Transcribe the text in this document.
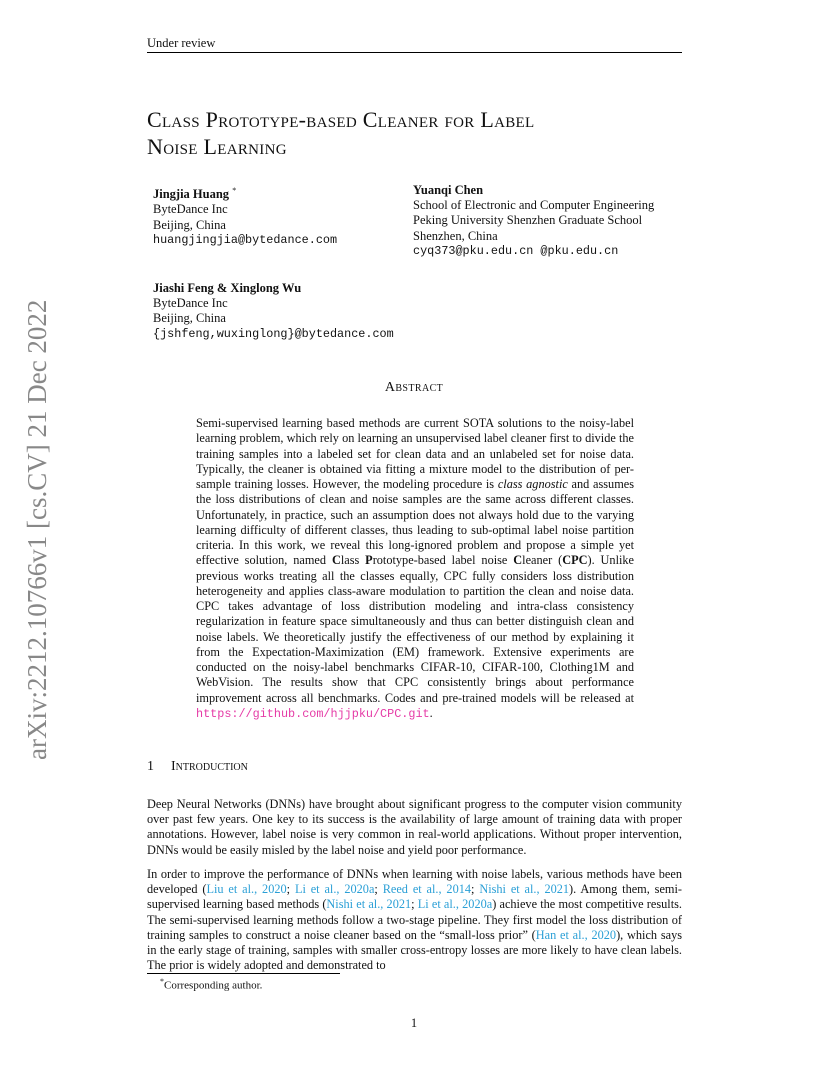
Under review
arXiv:2212.10766v1 [cs.CV] 21 Dec 2022
Class Prototype-based Cleaner for Label
Noise Learning
Jingjia Huang *
ByteDance Inc
Beijing, China
huangjingjia@bytedance.com
Yuanqi Chen
School of Electronic and Computer Engineering
Peking University Shenzhen Graduate School
Shenzhen, China
cyq373@pku.edu.cn @pku.edu.cn
Jiashi Feng & Xinglong Wu
ByteDance Inc
Beijing, China
{jshfeng,wuxinglong}@bytedance.com
Abstract
Semi-supervised learning based methods are current SOTA solutions to the noisy-label learning problem, which rely on learning an unsupervised label cleaner first to divide the training samples into a labeled set for clean data and an unlabeled set for noise data. Typically, the cleaner is obtained via fitting a mixture model to the distribution of per-sample training losses. However, the modeling procedure is class agnostic and assumes the loss distributions of clean and noise samples are the same across different classes. Unfortunately, in practice, such an assumption does not always hold due to the varying learning difficulty of different classes, thus leading to sub-optimal label noise partition criteria. In this work, we reveal this long-ignored problem and propose a simple yet effective solution, named Class Prototype-based label noise Cleaner (CPC). Unlike previous works treating all the classes equally, CPC fully considers loss distribution heterogeneity and applies class-aware modulation to partition the clean and noise data. CPC takes advantage of loss distribution modeling and intra-class consistency regularization in feature space simultaneously and thus can better distinguish clean and noise labels. We theoretically justify the effectiveness of our method by explaining it from the Expectation-Maximization (EM) framework. Extensive experiments are conducted on the noisy-label benchmarks CIFAR-10, CIFAR-100, Clothing1M and WebVision. The results show that CPC consistently brings about performance improvement across all benchmarks. Codes and pre-trained models will be released at https://github.com/hjjpku/CPC.git.
1 Introduction
Deep Neural Networks (DNNs) have brought about significant progress to the computer vision community over past few years. One key to its success is the availability of large amount of training data with proper annotations. However, label noise is very common in real-world applications. Without proper intervention, DNNs would be easily misled by the label noise and yield poor performance.
In order to improve the performance of DNNs when learning with noise labels, various methods have been developed (Liu et al., 2020; Li et al., 2020a; Reed et al., 2014; Nishi et al., 2021). Among them, semi-supervised learning based methods (Nishi et al., 2021; Li et al., 2020a) achieve the most competitive results. The semi-supervised learning methods follow a two-stage pipeline. They first model the loss distribution of training samples to construct a noise cleaner based on the “small-loss prior” (Han et al., 2020), which says in the early stage of training, samples with smaller cross-entropy losses are more likely to have clean labels. The prior is widely adopted and demonstrated to
*Corresponding author.
1
